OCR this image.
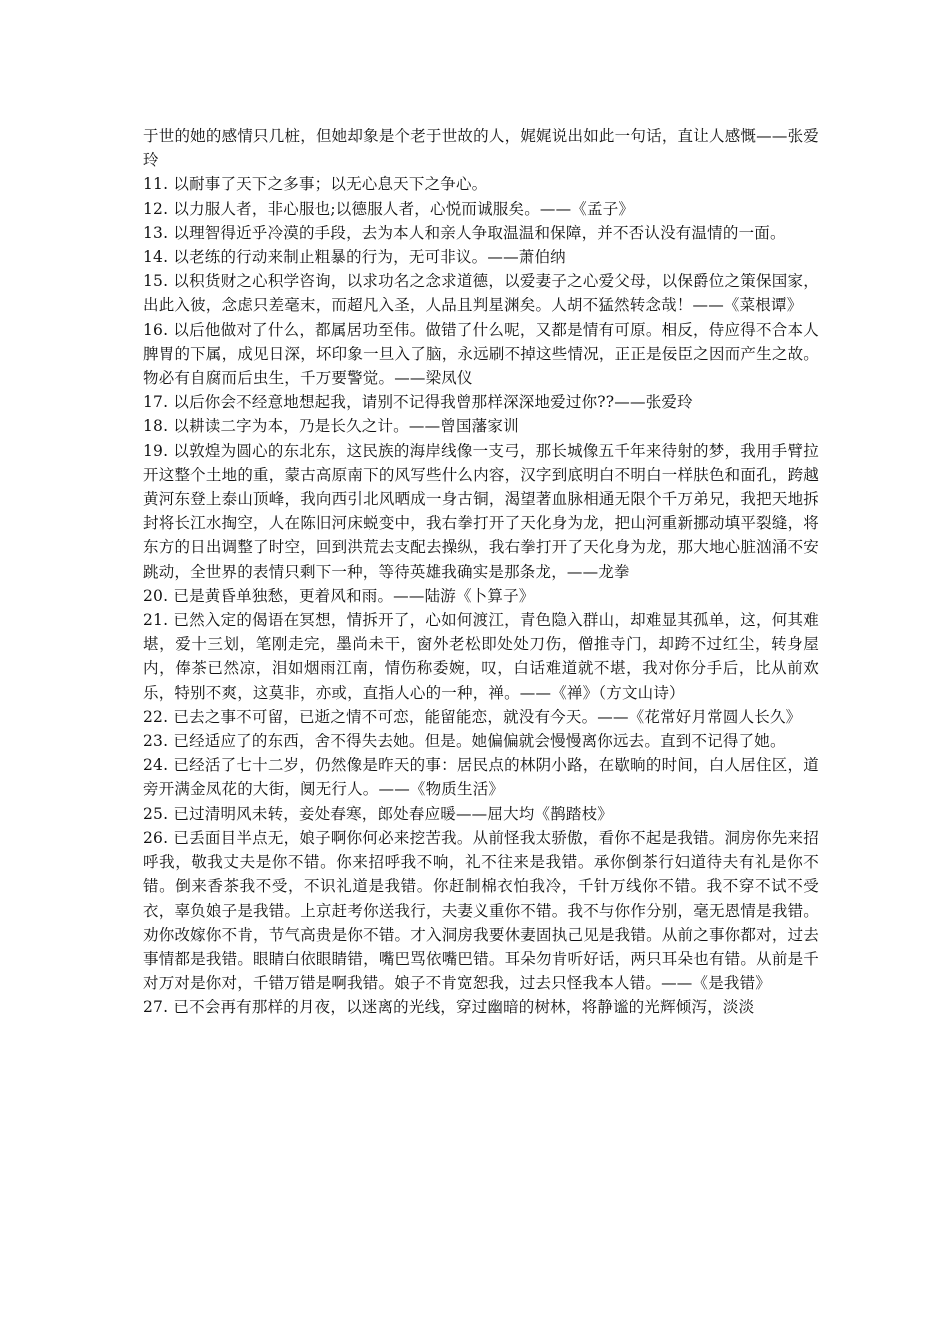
于世的她的感情只几桩，但她却象是个老于世故的人，娓娓说出如此一句话，直让人感慨——张爱玲

11. 以耐事了天下之多事；以无心息天下之争心。

12. 以力服人者，非心服也;以德服人者，心悦而诚服矣。——《孟子》

13. 以理智得近乎冷漠的手段，去为本人和亲人争取温温和保障，并不否认没有温情的一面。

14. 以老练的行动来制止粗暴的行为，无可非议。——萧伯纳

15. 以积货财之心积学咨询，以求功名之念求道德，以爱妻子之心爱父母，以保爵位之策保国家，出此入彼，念虑只差毫末，而超凡入圣，人品且判星渊矣。人胡不猛然转念哉！——《菜根谭》

16. 以后他做对了什么，都属居功至伟。做错了什么呢，又都是情有可原。相反，侍应得不合本人脾胃的下属，成见日深，坏印象一旦入了脑，永远刷不掉这些情况，正正是佞臣之因而产生之故。物必有自腐而后虫生，千万要警觉。——梁凤仪

17. 以后你会不经意地想起我，请别不记得我曾那样深深地爱过你??——张爱玲

18. 以耕读二字为本，乃是长久之计。——曾国藩家训

19. 以敦煌为圆心的东北东，这民族的海岸线像一支弓，那长城像五千年来待射的梦，我用手臂拉开这整个土地的重，蒙古高原南下的风写些什么内容，汉字到底明白不明白一样肤色和面孔，跨越黄河东登上泰山顶峰，我向西引北风晒成一身古铜，渴望著血脉相通无限个千万弟兄，我把天地拆封将长江水掏空，人在陈旧河床蜕变中，我右拳打开了天化身为龙，把山河重新挪动填平裂缝，将东方的日出调整了时空，回到洪荒去支配去操纵，我右拳打开了天化身为龙，那大地心脏汹涌不安跳动，全世界的表情只剩下一种，等待英雄我确实是那条龙，——龙拳

20. 已是黄昏单独愁，更着风和雨。——陆游《卜算子》

21. 已然入定的偈语在冥想，情拆开了，心如何渡江，青色隐入群山，却难显其孤单，这，何其难堪，爱十三划，笔刚走完，墨尚未干，窗外老松即处处刀伤，僧推寺门，却跨不过红尘，转身屋内，俸茶已然凉，泪如烟雨江南，情伤称委婉，叹，白话难道就不堪，我对你分手后，比从前欢乐，特别不爽，这莫非，亦或，直指人心的一种，禅。——《禅》（方文山诗）

22. 已去之事不可留，已逝之情不可恋，能留能恋，就没有今天。——《花常好月常圆人长久》

23. 已经适应了的东西，舍不得失去她。但是。她偏偏就会慢慢离你远去。直到不记得了她。

24. 已经活了七十二岁，仍然像是昨天的事：居民点的林阴小路，在歇晌的时间，白人居住区，道旁开满金凤花的大街，阒无行人。——《物质生活》

25. 已过清明风未转，妾处春寒，郎处春应暖——屈大均《鹊踏枝》

26. 已丢面目半点无，娘子啊你何必来挖苦我。从前怪我太骄傲，看你不起是我错。洞房你先来招呼我，敬我丈夫是你不错。你来招呼我不响，礼不往来是我错。承你倒茶行妇道待夫有礼是你不错。倒来香茶我不受，不识礼道是我错。你赶制棉衣怕我冷，千针万线你不错。我不穿不试不受衣，辜负娘子是我错。上京赶考你送我行，夫妻义重你不错。我不与你作分别，毫无恩情是我错。劝你改嫁你不肯，节气高贵是你不错。才入洞房我要休妻固执己见是我错。从前之事你都对，过去事情都是我错。眼睛白依眼睛错，嘴巴骂依嘴巴错。耳朵勿肯听好话，两只耳朵也有错。从前是千对万对是你对，千错万错是啊我错。娘子不肯宽恕我，过去只怪我本人错。——《是我错》

27. 已不会再有那样的月夜，以迷离的光线，穿过幽暗的树林，将静谧的光辉倾泻，淡淡
